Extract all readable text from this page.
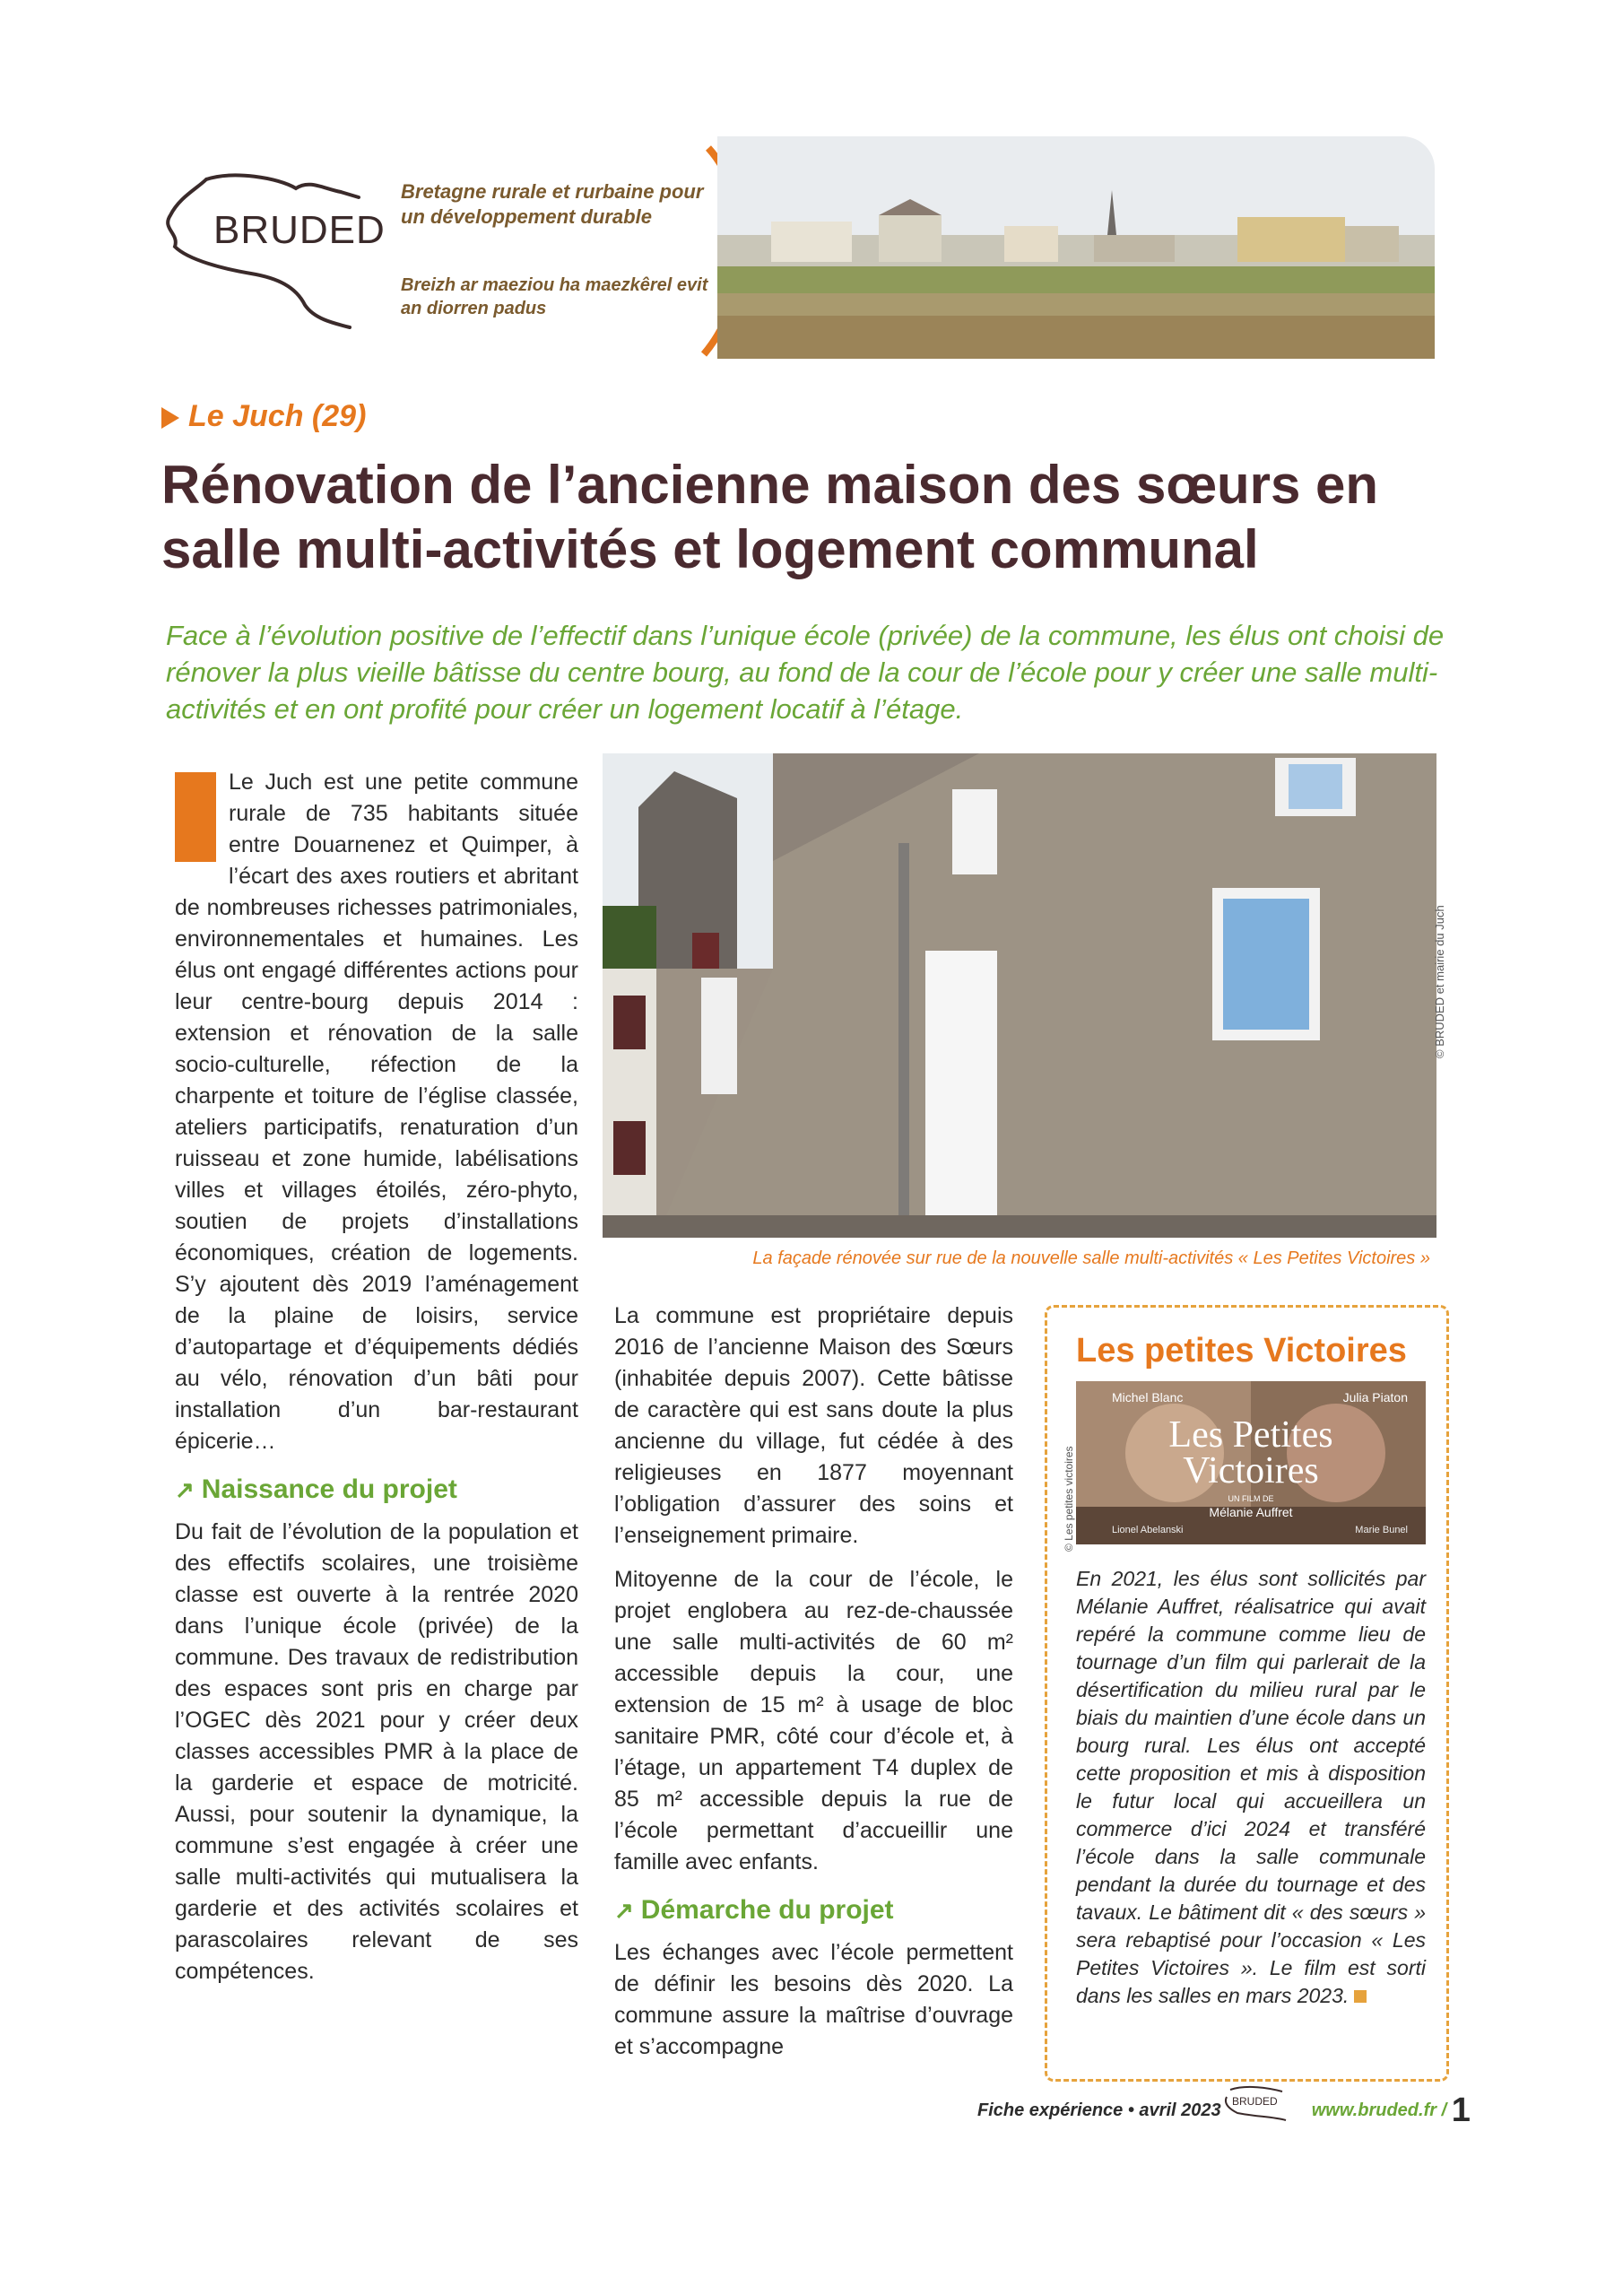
BRUDED
Bretagne rurale et rurbaine pour un développement durable
Breizh ar maeziou ha maezkêrel evit an diorren padus
Le Juch (29)
Rénovation de l’ancienne maison des sœurs en salle multi-activités et logement communal
Face à l’évolution positive de l’effectif dans l’unique école (privée) de la commune, les élus ont choisi de rénover la plus vieille bâtisse du centre bourg, au fond de la cour de l’école pour y créer une salle multi-activités et en ont profité pour créer un logement locatif à l’étage.
Le Juch est une petite commune rurale de 735 habitants située entre Douarnenez et Quimper, à l’écart des axes routiers et abritant de nombreuses richesses patrimoniales, environnementales et humaines. Les élus ont engagé différentes actions pour leur centre-bourg depuis 2014 : extension et rénovation de la salle socio-culturelle, réfection de la charpente et toiture de l’église classée, ateliers participatifs, renaturation d’un ruisseau et zone humide, labélisations villes et villages étoilés, zéro-phyto, soutien de projets d’installations économiques, création de logements. S’y ajoutent dès 2019 l’aménagement de la plaine de loisirs, service d’autopartage et d’équipements dédiés au vélo, rénovation d’un bâti pour installation d’un bar-restaurant épicerie…
↗ Naissance du projet
Du fait de l’évolution de la population et des effectifs scolaires, une troisième classe est ouverte à la rentrée 2020 dans l’unique école (privée) de la commune. Des travaux de redistribution des espaces sont pris en charge par l’OGEC dès 2021 pour y créer deux classes accessibles PMR à la place de la garderie et espace de motricité. Aussi, pour soutenir la dynamique, la commune s’est engagée à créer une salle multi-activités qui mutualisera la garderie et des activités scolaires et parascolaires relevant de ses compétences.
La façade rénovée sur rue de la nouvelle salle multi-activités « Les Petites Victoires »
© BRUDED et mairie du Juch
La commune est propriétaire depuis 2016 de l’ancienne Maison des Sœurs (inhabitée depuis 2007). Cette bâtisse de caractère qui est sans doute la plus ancienne du village, fut cédée à des religieuses en 1877 moyennant l’obligation d’assurer des soins et l’enseignement primaire.
Mitoyenne de la cour de l’école, le projet englobera au rez-de-chaussée une salle multi-activités de 60 m² accessible depuis la cour, une extension de 15 m² à usage de bloc sanitaire PMR, côté cour d’école et, à l’étage, un appartement T4 duplex de 85 m² accessible depuis la rue de l’école permettant d’accueillir une famille avec enfants.
↗ Démarche du projet
Les échanges avec l’école permettent de définir les besoins dès 2020. La commune assure la maîtrise d’ouvrage et s’accompagne
Les petites Victoires
Michel Blanc	Julia Piaton
Les Petites
Victoires
UN FILM DE
Mélanie Auffret
Lionel Abelanski	Marie Bunel
© Les petites victoires
En 2021, les élus sont sollicités par Mélanie Auffret, réalisatrice qui avait repéré la commune comme lieu de tournage d’un film qui parlerait de la désertification du milieu rural par le biais du maintien d’une école dans un bourg rural. Les élus ont accepté cette proposition et mis à disposition le futur local qui accueillera un commerce d’ici 2024 et transféré l’école dans la salle communale pendant la durée du tournage et des tavaux. Le bâtiment dit « des sœurs » sera rebaptisé pour l’occasion « Les Petites Victoires ». Le film est sorti dans les salles en mars 2023.
Fiche expérience • avril 2023	www.bruded.fr / 1
BRUDED
